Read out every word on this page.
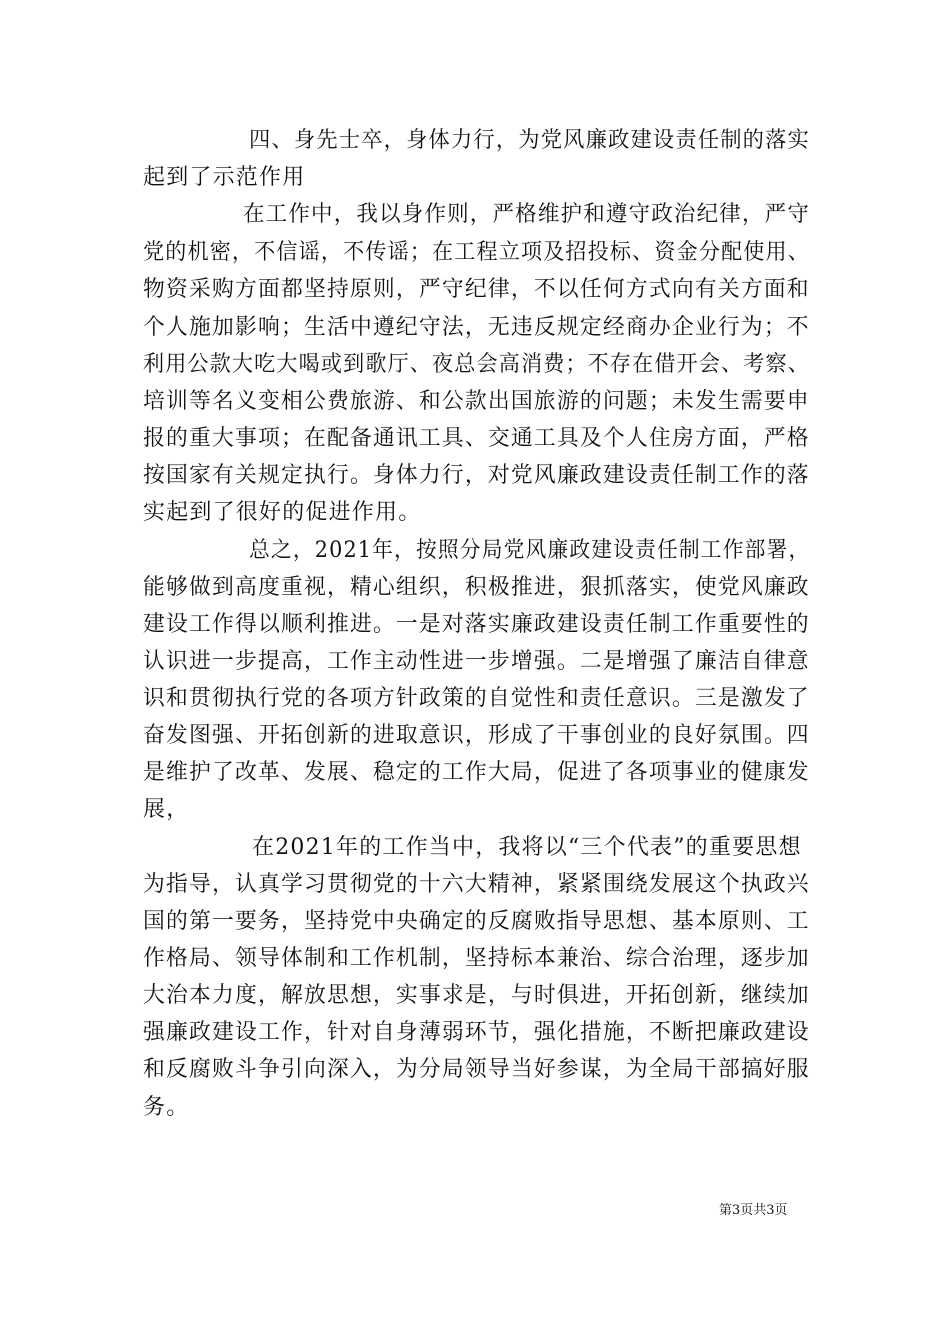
四、身先士卒，身体力行，为党风廉政建设责任制的落实
起到了示范作用
在工作中，我以身作则，严格维护和遵守政治纪律，严守
党的机密，不信谣，不传谣；在工程立项及招投标、资金分配使用、
物资采购方面都坚持原则，严守纪律，不以任何方式向有关方面和
个人施加影响；生活中遵纪守法，无违反规定经商办企业行为；不
利用公款大吃大喝或到歌厅、夜总会高消费；不存在借开会、考察、
培训等名义变相公费旅游、和公款出国旅游的问题；未发生需要申
报的重大事项；在配备通讯工具、交通工具及个人住房方面，严格
按国家有关规定执行。身体力行，对党风廉政建设责任制工作的落
实起到了很好的促进作用。
总之，2021年，按照分局党风廉政建设责任制工作部署，
能够做到高度重视，精心组织，积极推进，狠抓落实，使党风廉政
建设工作得以顺利推进。一是对落实廉政建设责任制工作重要性的
认识进一步提高，工作主动性进一步增强。二是增强了廉洁自律意
识和贯彻执行党的各项方针政策的自觉性和责任意识。三是激发了
奋发图强、开拓创新的进取意识，形成了干事创业的良好氛围。四
是维护了改革、发展、稳定的工作大局，促进了各项事业的健康发
展，
在2021年的工作当中，我将以“三个代表”的重要思想
为指导，认真学习贯彻党的十六大精神，紧紧围绕发展这个执政兴
国的第一要务，坚持党中央确定的反腐败指导思想、基本原则、工
作格局、领导体制和工作机制，坚持标本兼治、综合治理，逐步加
大治本力度，解放思想，实事求是，与时俱进，开拓创新，继续加
强廉政建设工作，针对自身薄弱环节，强化措施，不断把廉政建设
和反腐败斗争引向深入，为分局领导当好参谋，为全局干部搞好服
务。
第3页共3页
